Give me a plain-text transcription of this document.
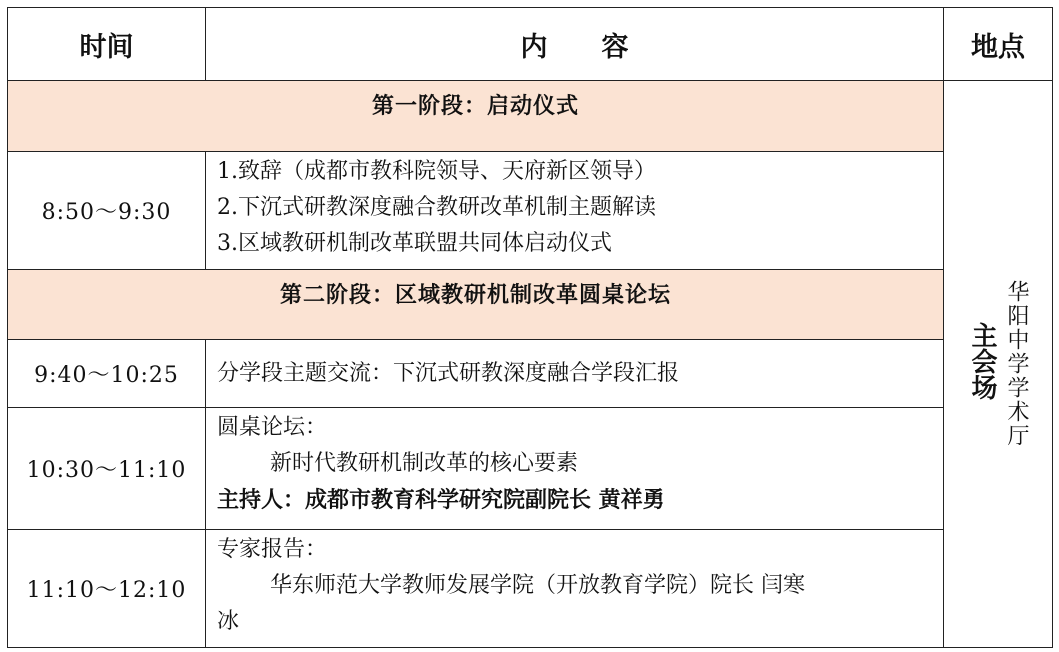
时间	内　　容	地点
第一阶段：启动仪式		主会场 华阳中学学术厅

8:50～9:30	1.致辞（成都市教科院领导、天府新区领导）
2.下沉式研教深度融合教研改革机制主题解读
3.区域教研机制改革联盟共同体启动仪式	

第二阶段：区域教研机制改革圆桌论坛		
9:40～10:25	分学段主题交流：下沉式研教深度融合学段汇报	

10:30～11:10	圆桌论坛：
新时代教研机制改革的核心要素
主持人：成都市教育科学研究院副院长 黄祥勇	

11:10～12:10	专家报告：
华东师范大学教师发展学院（开放教育学院）院长 闫寒
冰	
